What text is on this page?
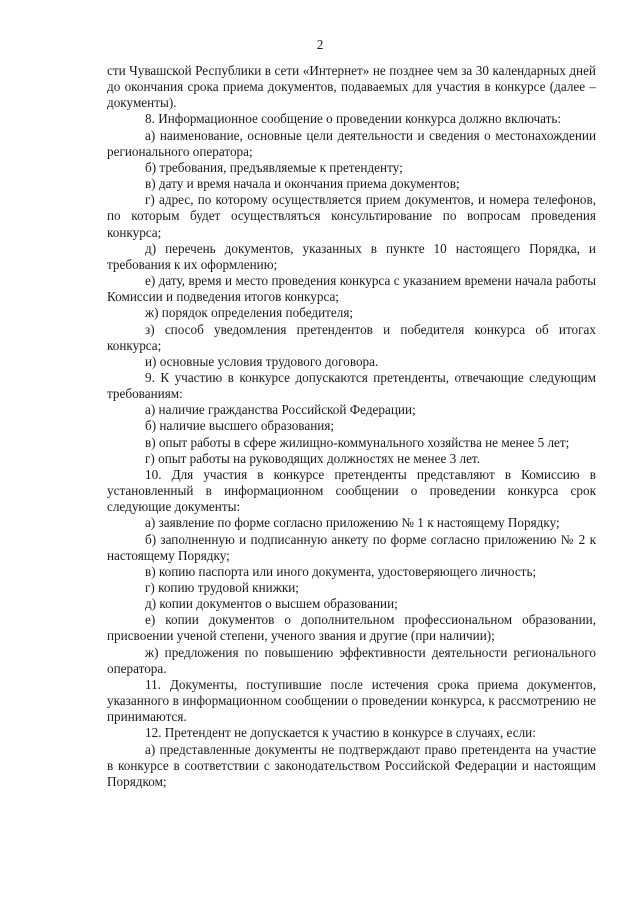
2

сти Чувашской Республики в сети «Интернет» не позднее чем за 30 календарных дней до окончания срока приема документов, подаваемых для участия в конкурсе (далее – документы).

8. Информационное сообщение о проведении конкурса должно включать:

а) наименование, основные цели деятельности и сведения о местонахождении регионального оператора;

б) требования, предъявляемые к претенденту;

в) дату и время начала и окончания приема документов;

г) адрес, по которому осуществляется прием документов, и номера телефонов, по которым будет осуществляться консультирование по вопросам проведения конкурса;

д) перечень документов, указанных в пункте 10 настоящего Порядка, и требования к их оформлению;

е) дату, время и место проведения конкурса с указанием времени начала работы Комиссии и подведения итогов конкурса;

ж) порядок определения победителя;

з) способ уведомления претендентов и победителя конкурса об итогах конкурса;

и) основные условия трудового договора.

9. К участию в конкурсе допускаются претенденты, отвечающие следующим требованиям:

а) наличие гражданства Российской Федерации;

б) наличие высшего образования;

в) опыт работы в сфере жилищно-коммунального хозяйства не менее 5 лет;

г) опыт работы на руководящих должностях не менее 3 лет.

10. Для участия в конкурсе претенденты представляют в Комиссию в установленный в информационном сообщении о проведении конкурса срок следующие документы:

а) заявление по форме согласно приложению № 1 к настоящему Порядку;

б) заполненную и подписанную анкету по форме согласно приложению № 2 к настоящему Порядку;

в) копию паспорта или иного документа, удостоверяющего личность;

г) копию трудовой книжки;

д) копии документов о высшем образовании;

е) копии документов о дополнительном профессиональном образовании, присвоении ученой степени, ученого звания и другие (при наличии);

ж) предложения по повышению эффективности деятельности регионального оператора.

11. Документы, поступившие после истечения срока приема документов, указанного в информационном сообщении о проведении конкурса, к рассмотрению не принимаются.

12. Претендент не допускается к участию в конкурсе в случаях, если:

а) представленные документы не подтверждают право претендента на участие в конкурсе в соответствии с законодательством Российской Федерации и настоящим Порядком;
